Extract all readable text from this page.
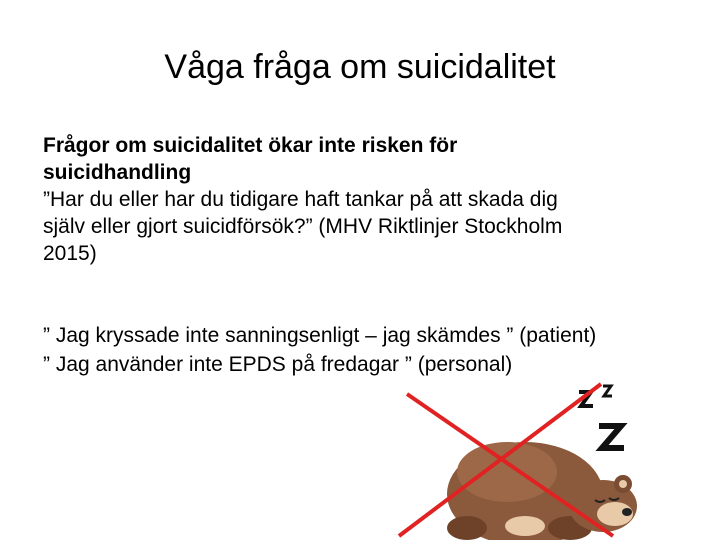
Våga fråga om suicidalitet
Frågor om suicidalitet ökar inte risken för
suicidhandling
”Har du eller har du tidigare haft tankar på att skada dig
själv eller gjort suicidförsök?” (MHV Riktlinjer Stockholm
2015)
” Jag kryssade inte sanningsenligt – jag skämdes ” (patient)
” Jag använder inte EPDS på fredagar ” (personal)
